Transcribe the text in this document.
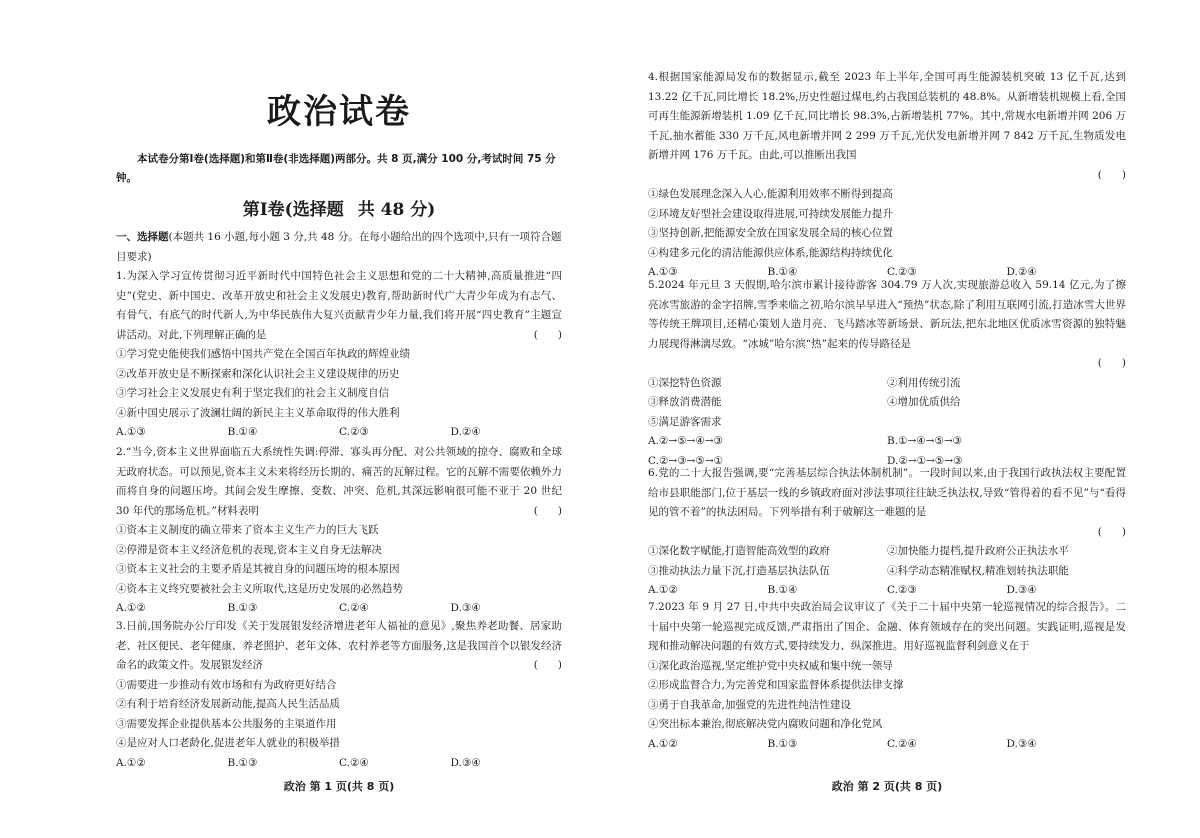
政治试卷
本试卷分第Ⅰ卷(选择题)和第Ⅱ卷(非选择题)两部分。共 8 页,满分 100 分,考试时间 75 分钟。
第Ⅰ卷(选择题 共 48 分)
一、选择题(本题共 16 小题,每小题 3 分,共 48 分。在每小题给出的四个选项中,只有一项符合题目要求)
1.为深入学习宣传贯彻习近平新时代中国特色社会主义思想和党的二十大精神,高质量推进“四史”(党史、新中国史、改革开放史和社会主义发展史)教育,帮助新时代广大青少年成为有志气、有骨气、有底气的时代新人,为中华民族伟大复兴贡献青少年力量,我们将开展“四史教育”主题宣讲活动。对此,下列理解正确的是	(      )
①学习党史能使我们感悟中国共产党在全国百年执政的辉煌业绩
②改革开放史是不断探索和深化认识社会主义建设规律的历史
③学习社会主义发展史有利于坚定我们的社会主义制度自信
④新中国史展示了波澜壮阔的新民主主义革命取得的伟大胜利
A.①③	B.①④	C.②③	D.②④
2.“当今,资本主义世界面临五大系统性失调:停滞、寡头再分配、对公共领域的掠夺、腐败和全球无政府状态。可以预见,资本主义未来将经历长期的、痛苦的瓦解过程。它的瓦解不需要依赖外力而将自身的问题压垮。其间会发生摩擦、变数、冲突、危机,其深远影响很可能不亚于 20 世纪 30 年代的那场危机。”材料表明	(      )
①资本主义制度的确立带来了资本主义生产力的巨大飞跃
②停滞是资本主义经济危机的表现,资本主义自身无法解决
③资本主义社会的主要矛盾是其被自身的问题压垮的根本原因
④资本主义终究要被社会主义所取代,这是历史发展的必然趋势
A.①②	B.①③	C.②④	D.③④
3.日前,国务院办公厅印发《关于发展银发经济增进老年人福祉的意见》,聚焦养老助餐、居家助老、社区便民、老年健康、养老照护、老年文体、农村养老等方面服务,这是我国首个以银发经济命名的政策文件。发展银发经济	(      )
①需要进一步推动有效市场和有为政府更好结合
②有利于培育经济发展新动能,提高人民生活品质
③需要发挥企业提供基本公共服务的主渠道作用
④是应对人口老龄化,促进老年人就业的积极举措
A.①②	B.①③	C.②④	D.③④
政治 第 1 页(共 8 页)
4.根据国家能源局发布的数据显示,截至 2023 年上半年,全国可再生能源装机突破 13 亿千瓦,达到 13.22 亿千瓦,同比增长 18.2%,历史性超过煤电,约占我国总装机的 48.8%。从新增装机规模上看,全国可再生能源新增装机 1.09 亿千瓦,同比增长 98.3%,占新增装机 77%。其中,常规水电新增并网 206 万千瓦,抽水蓄能 330 万千瓦,风电新增并网 2 299 万千瓦,光伏发电新增并网 7 842 万千瓦,生物质发电新增并网 176 万千瓦。由此,可以推断出我国
(      )
①绿色发展理念深入人心,能源利用效率不断得到提高
②环境友好型社会建设取得进展,可持续发展能力提升
③坚持创新,把能源安全放在国家发展全局的核心位置
④构建多元化的清洁能源供应体系,能源结构持续优化
A.①③	B.①④	C.②③	D.②④
5.2024 年元旦 3 天假期,哈尔滨市累计接待游客 304.79 万人次,实现旅游总收入 59.14 亿元,为了擦亮冰雪旅游的金字招牌,雪季来临之初,哈尔滨早早进入“预热”状态,除了利用互联网引流,打造冰雪大世界等传统王牌项目,还精心策划人造月亮、飞马踏冰等新场景、新玩法,把东北地区优质冰雪资源的独特魅力展现得淋漓尽致。“冰城”哈尔滨“热”起来的传导路径是
(      )
①深挖特色资源	②利用传统引流
③释放消费潜能	④增加优质供给
⑤满足游客需求
A.②→⑤→④→③	B.①→④→⑤→③
C.②→③→⑤→①	D.②→①→⑤→③
6.党的二十大报告强调,要“完善基层综合执法体制机制”。一段时间以来,由于我国行政执法权主要配置给市县职能部门,位于基层一线的乡镇政府面对涉法事项往往缺乏执法权,导致“管得着的看不见”与“看得见的管不着”的执法困局。下列举措有利于破解这一难题的是
(      )
①深化数字赋能,打造智能高效型的政府	②加快能力提档,提升政府公正执法水平
③推动执法力量下沉,打造基层执法队伍	④科学动态精准赋权,精准划转执法职能
A.①②	B.①④	C.②③	D.③④
7.2023 年 9 月 27 日,中共中央政治局会议审议了《关于二十届中央第一轮巡视情况的综合报告》。二十届中央第一轮巡视完成反馈,严肃指出了国企、金融、体育领域存在的突出问题。实践证明,巡视是发现和推动解决问题的有效方式,要持续发力、纵深推进。用好巡视监督利剑意义在于
①深化政治巡视,坚定维护党中央权威和集中统一领导
②形成监督合力,为完善党和国家监督体系提供法律支撑
③勇于自我革命,加强党的先进性纯洁性建设
④突出标本兼治,彻底解决党内腐败问题和净化党风
A.①②	B.①③	C.②④	D.③④
政治 第 2 页(共 8 页)
